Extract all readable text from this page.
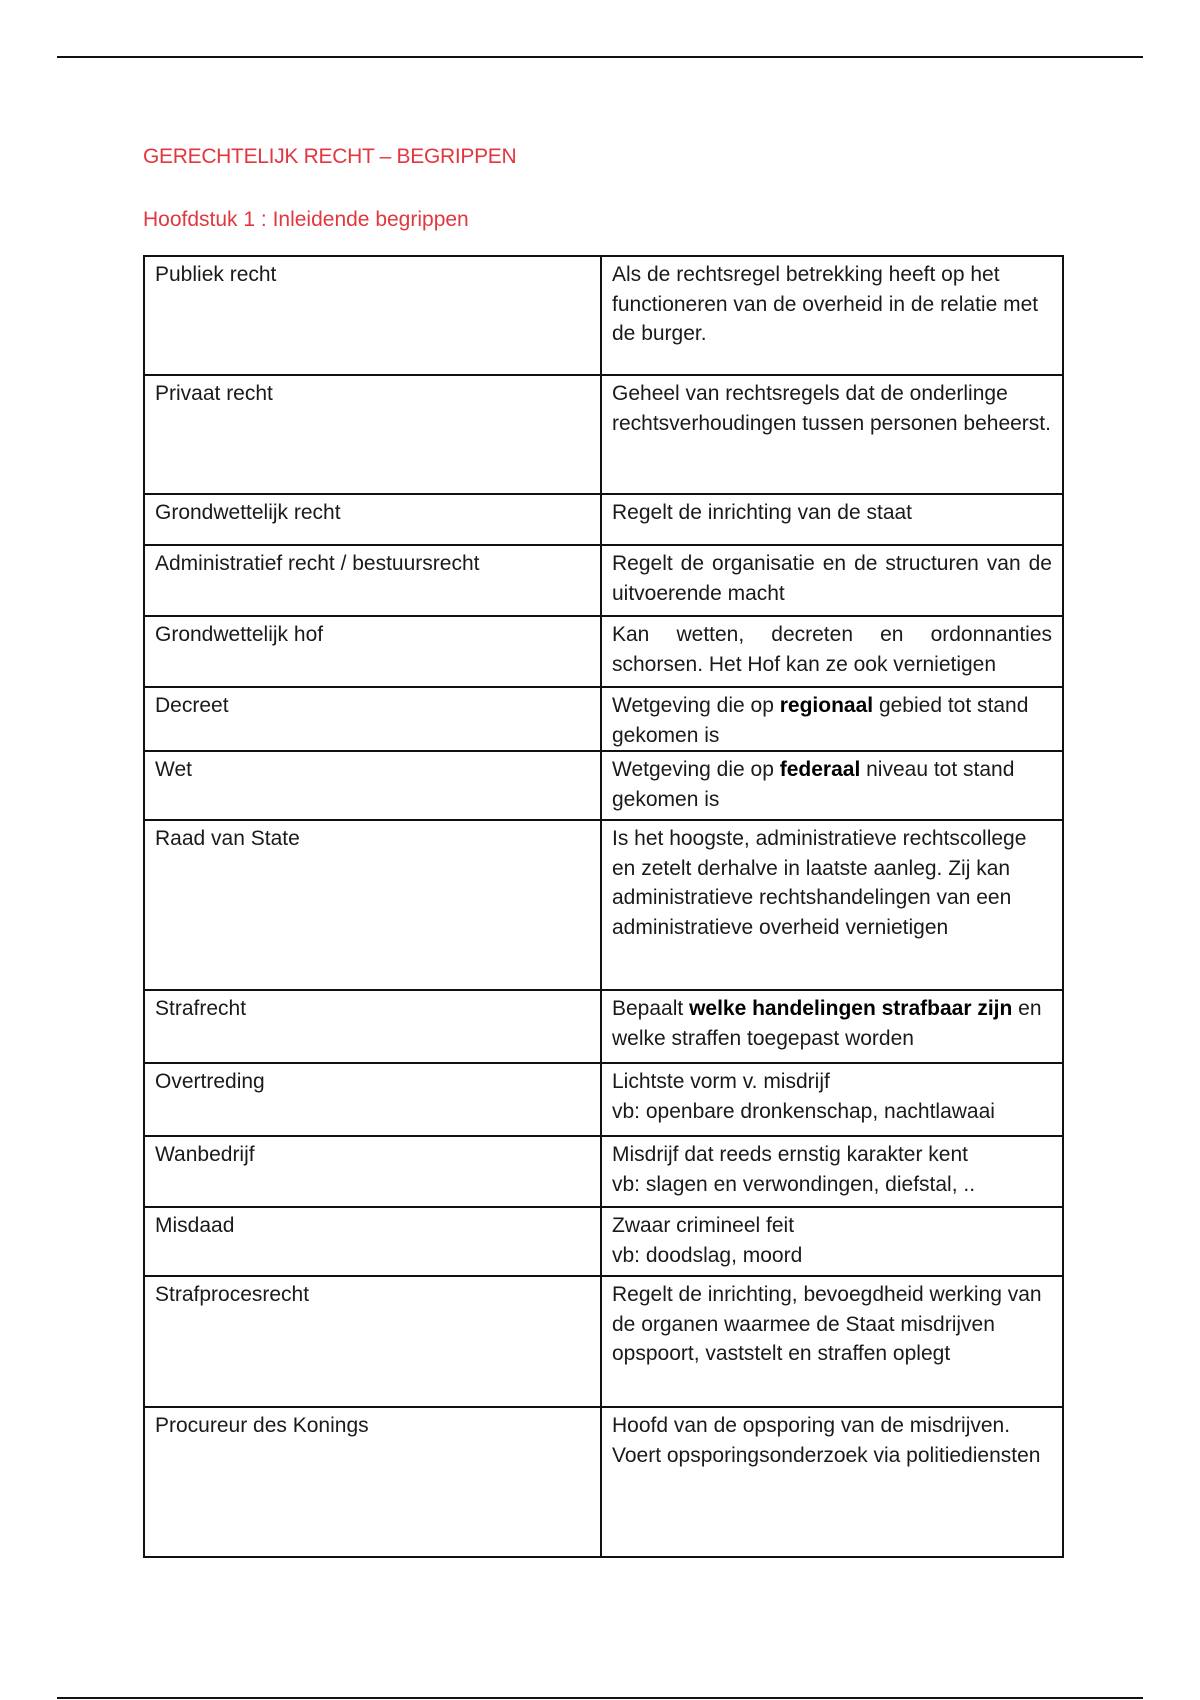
GERECHTELIJK RECHT – BEGRIPPEN
Hoofdstuk 1 : Inleidende begrippen
Publiek recht	Als de rechtsregel betrekking heeft op het functioneren van de overheid in de relatie met de burger.
Privaat recht	Geheel van rechtsregels dat de onderlinge rechtsverhoudingen tussen personen beheerst.
Grondwettelijk recht	Regelt de inrichting van de staat
Administratief recht / bestuursrecht	Regelt de organisatie en de structuren van de uitvoerende macht
Grondwettelijk hof	Kan wetten, decreten en ordonnanties schorsen. Het Hof kan ze ook vernietigen
Decreet	Wetgeving die op regionaal gebied tot stand gekomen is
Wet	Wetgeving die op federaal niveau tot stand gekomen is
Raad van State	Is het hoogste, administratieve rechtscollege en zetelt derhalve in laatste aanleg. Zij kan administratieve rechtshandelingen van een administratieve overheid vernietigen
Strafrecht	Bepaalt welke handelingen strafbaar zijn en welke straffen toegepast worden
Overtreding	Lichtste vorm v. misdrijf
vb: openbare dronkenschap, nachtlawaai

Wanbedrijf	Misdrijf dat reeds ernstig karakter kent
vb: slagen en verwondingen, diefstal, ..

Misdaad	Zwaar crimineel feit
vb: doodslag, moord

Strafprocesrecht	Regelt de inrichting, bevoegdheid werking van de organen waarmee de Staat misdrijven opspoort, vaststelt en straffen oplegt
Procureur des Konings	Hoofd van de opsporing van de misdrijven. Voert opsporingsonderzoek via politiediensten
